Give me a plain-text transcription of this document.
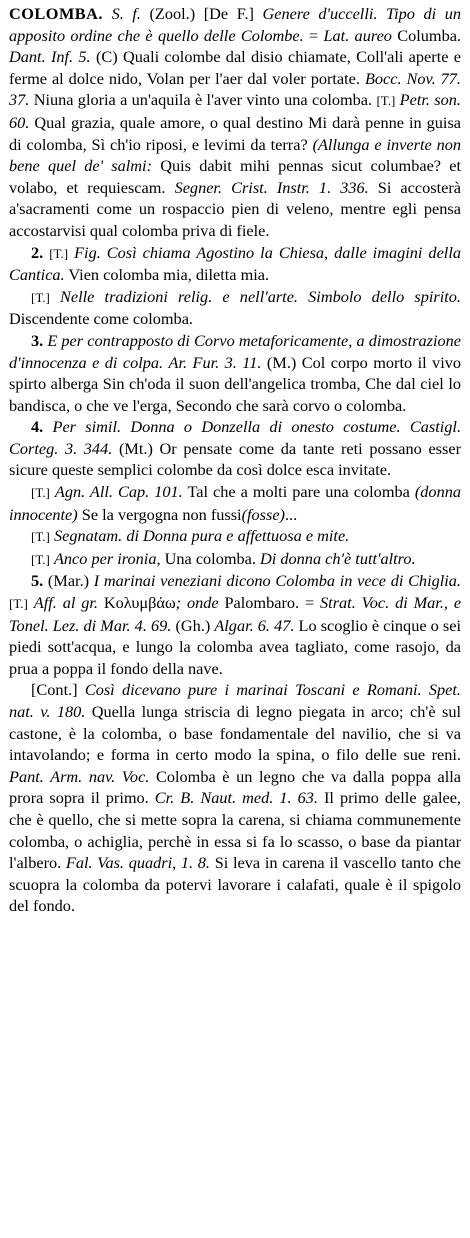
COLOMBA. S. f. (Zool.) [De F.] Genere d'uccelli. Tipo di un apposito ordine che è quello delle Colombe. = Lat. aureo Columba. Dant. Inf. 5. (C) Quali colombe dal disio chiamate, Coll'ali aperte e ferme al dolce nido, Volan per l'aer dal voler portate. Bocc. Nov. 77. 37. Niuna gloria a un'aquila è l'aver vinto una colomba. [T.] Petr. son. 60. Qual grazia, quale amore, o qual destino Mi darà penne in guisa di colomba, Sì ch'io riposi, e levimi da terra? (Allunga e inverte non bene quel de' salmi: Quis dabit mihi pennas sicut columbae? et volabo, et requiescam. Segner. Crist. Instr. 1. 336. Si accosterà a'sacramenti come un rospaccio pien di veleno, mentre egli pensa accostarvisi qual colomba priva di fiele.

2. [T.] Fig. Così chiama Agostino la Chiesa, dalle imagini della Cantica. Vien colomba mia, diletta mia.

[T.] Nelle tradizioni relig. e nell'arte. Simbolo dello spirito. Discendente come colomba.

3. E per contrapposto di Corvo metaforicamente, a dimostrazione d'innocenza e di colpa. Ar. Fur. 3. 11. (M.) Col corpo morto il vivo spirto alberga Sin ch'oda il suon dell'angelica tromba, Che dal ciel lo bandisca, o che ve l'erga, Secondo che sarà corvo o colomba.

4. Per simil. Donna o Donzella di onesto costume. Castigl. Corteg. 3. 344. (Mt.) Or pensate come da tante reti possano esser sicure queste semplici colombe da così dolce esca invitate.

[T.] Agn. All. Cap. 101. Tal che a molti pare una colomba (donna innocente) Se la vergogna non fussi(fosse)...

[T.] Segnatam. di Donna pura e affettuosa e mite.

[T.] Anco per ironia, Una colomba. Di donna ch'è tutt'altro.

5. (Mar.) I marinai veneziani dicono Colomba in vece di Chiglia. [T.] Aff. al gr. Κολυμβάω; onde Palombaro. = Strat. Voc. di Mar., e Tonel. Lez. di Mar. 4. 69. (Gh.) Algar. 6. 47. Lo scoglio è cinque o sei piedi sott'acqua, e lungo la colomba avea tagliato, come rasojo, da prua a poppa il fondo della nave.

[Cont.] Così dicevano pure i marinai Toscani e Romani. Spet. nat. v. 180. Quella lunga striscia di legno piegata in arco; ch'è sul castone, è la colomba, o base fondamentale del navilio, che si va intavolando; e forma in certo modo la spina, o filo delle sue reni. Pant. Arm. nav. Voc. Colomba è un legno che va dalla poppa alla prora sopra il primo. Cr. B. Naut. med. 1. 63. Il primo delle galee, che è quello, che si mette sopra la carena, si chiama communemente colomba, o achiglia, perchè in essa si fa lo scasso, o base da piantar l'albero. Fal. Vas. quadri, 1. 8. Si leva in carena il vascello tanto che scuopra la colomba da potervi lavorare i calafati, quale è il spigolo del fondo.
